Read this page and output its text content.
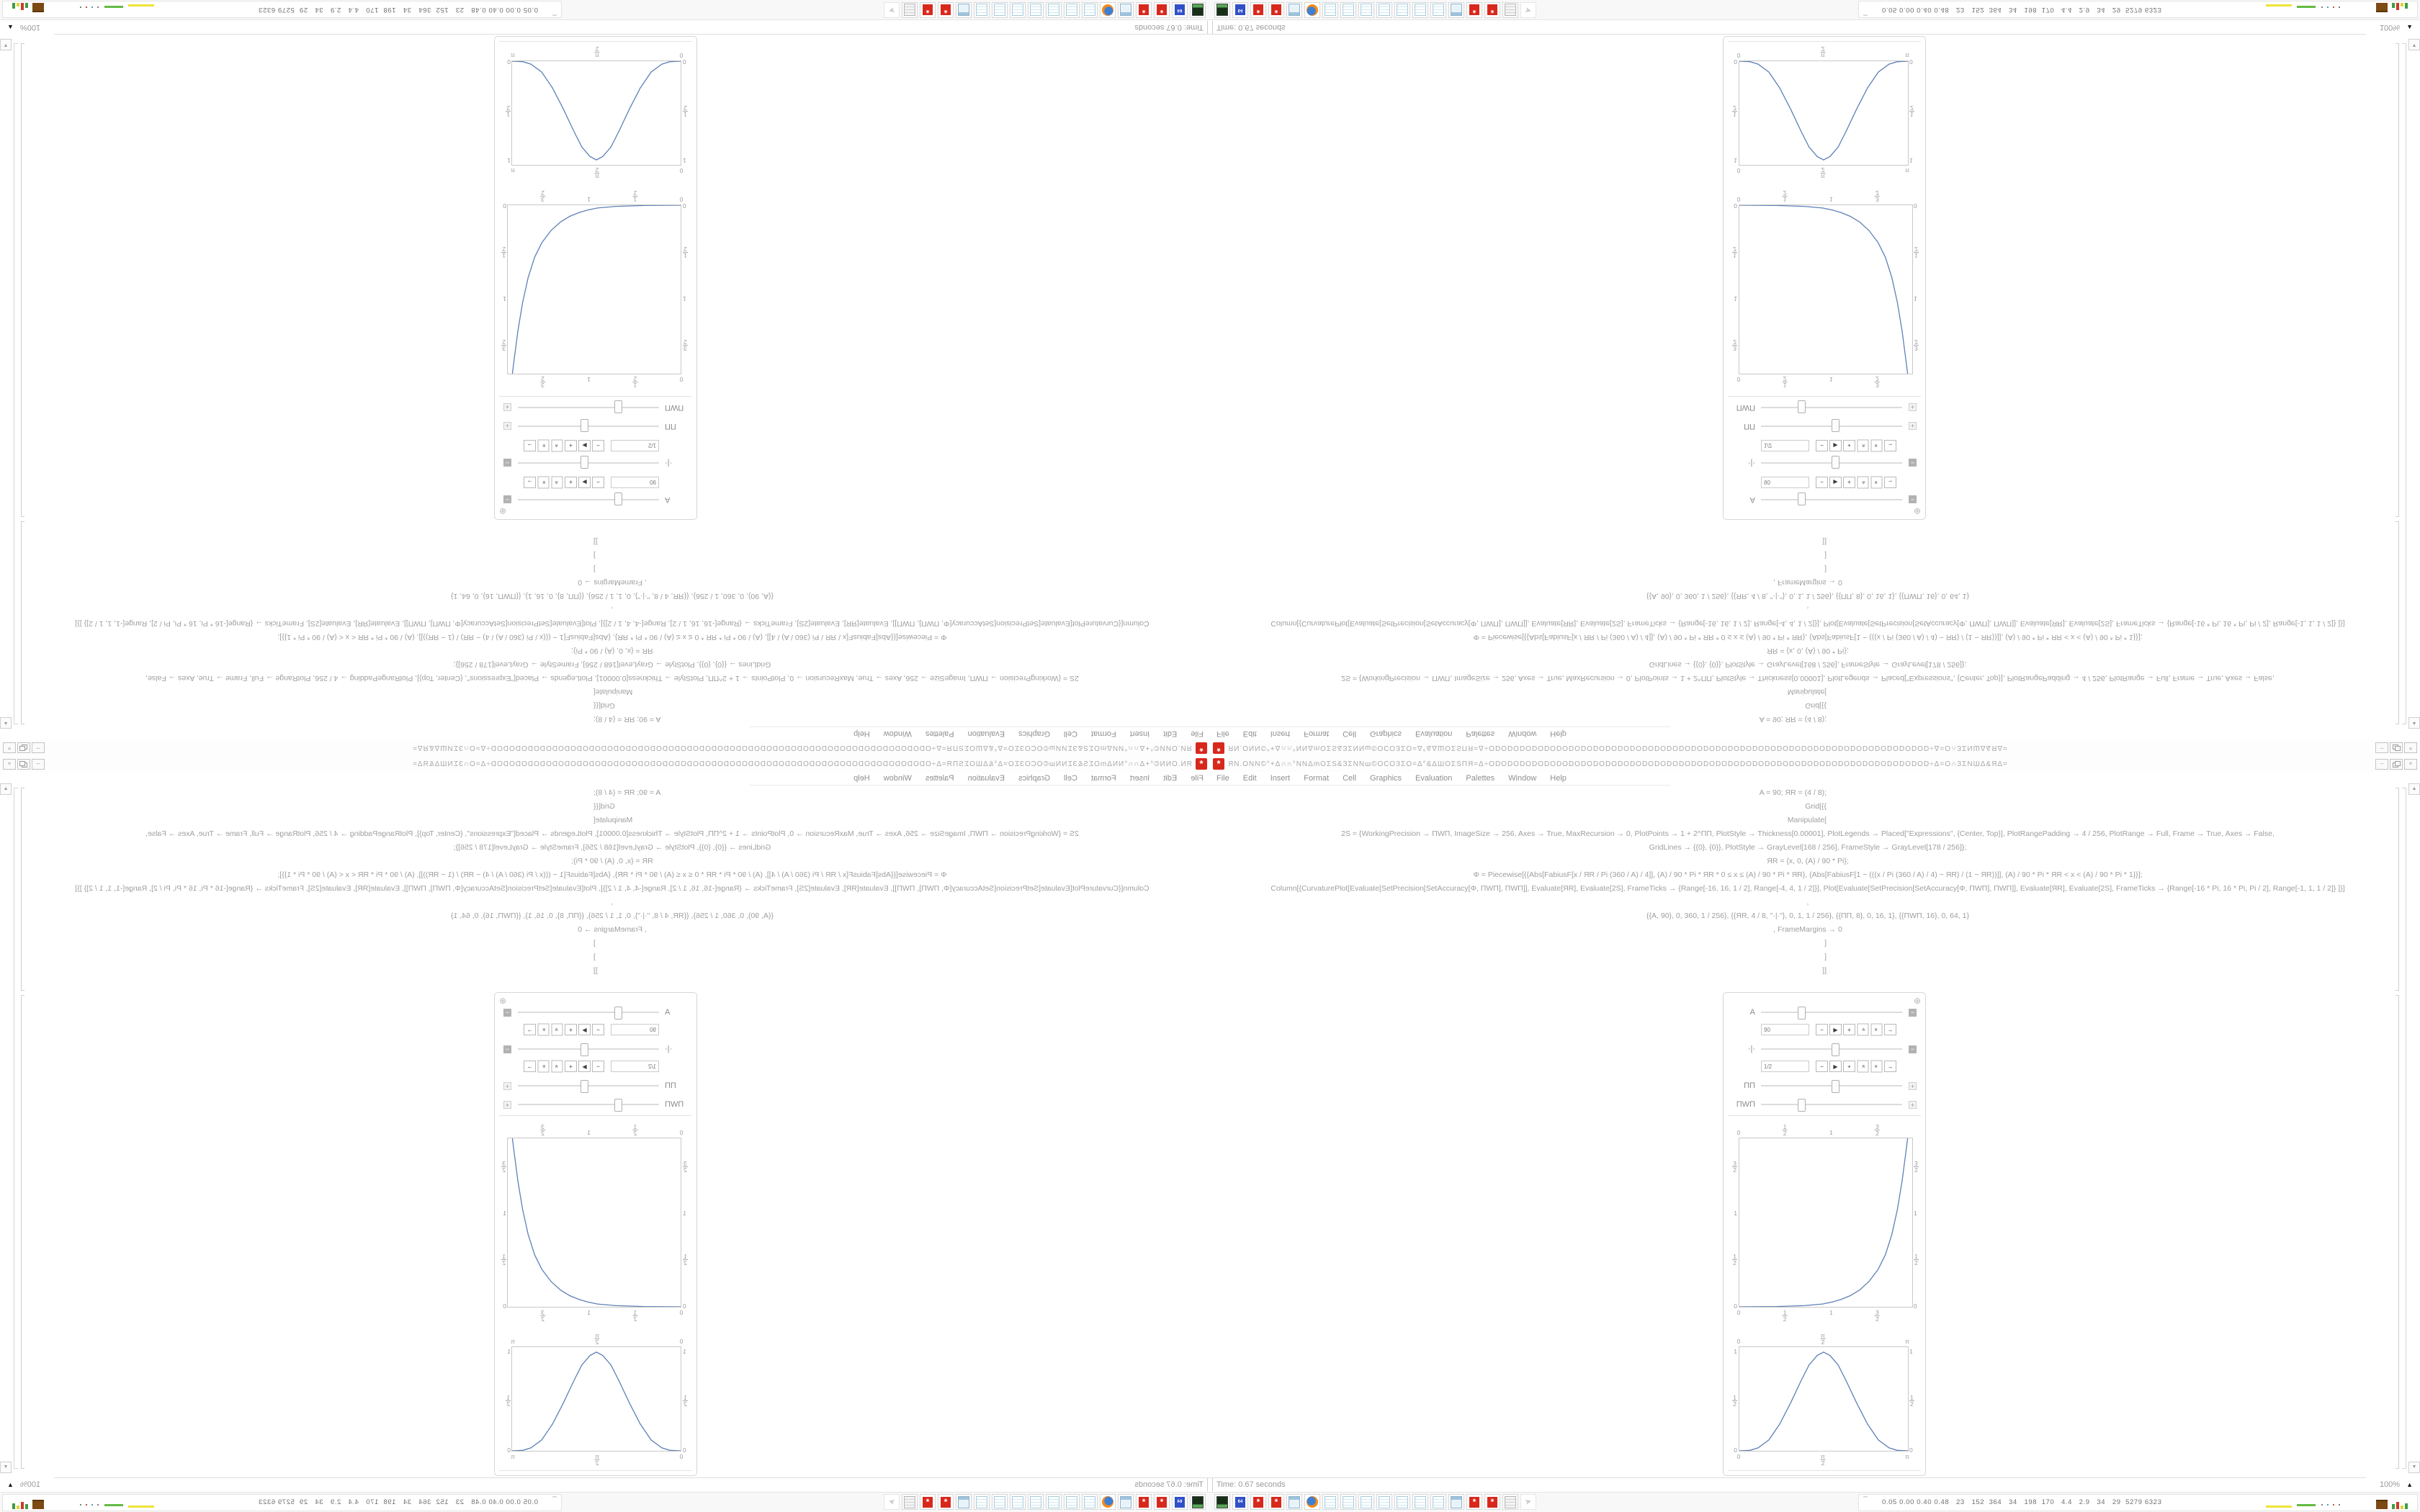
*
ЯN.ONN©°+Δ∩∩°NNΔmOΣS&ЗΣNNш©ОСОЗΣО=Δ°&ΔШОΣSΠЯ=Δ÷ODODODODODODODODODODODODODODODODODODODODODODODODODODODODODODODODODODODOD÷Δ=О∩ЗΣNШΔ&ЯΔ=
–
×
File
Edit
Insert
Format
Cell
Graphics
Evaluation
Palettes
Window
Help
A = 90; ЯR = (4 / 8);
Grid[{{
Manipulate[
2S = {WorkingPrecision → ΠWΠ, ImageSize → 256, Axes → True, MaxRecursion → 0, PlotPoints → 1 + 2^ΠΠ, PlotStyle → Thickness[0.00001], PlotLegends → Placed["Expressions", {Center, Top}], PlotRangePadding → 4 / 256, PlotRange → Full, Frame → True, Axes → False,
GridLines → {{0}, {0}}, PlotStyle → GrayLevel[168 / 256], FrameStyle → GrayLevel[178 / 256]};
ЯR = {x, 0, (A) / 90 * Pi};
Φ = Piecewise[{{Abs[FabiusF[x / ЯR / Pi (360 / A) / 4]], (A) / 90 * Pi * ЯR * 0 ≤ x ≤ (A) / 90 * Pi * ЯR}, {Abs[FabiusF[1 − (((x / Pi (360 / A) / 4) − ЯR) / (1 − ЯR))]], (A) / 90 * Pi * ЯR < x < (A) / 90 * Pi * 1}}];
Column[{CurvaturePlot[Evaluate[SetPrecision[SetAccuracy[Φ, ΠWΠ], ΠWΠ]], Evaluate[ЯR], Evaluate[2S], FrameTicks → {Range[-16, 16, 1 / 2], Range[-4, 4, 1 / 2]}], Plot[Evaluate[SetPrecision[SetAccuracy[Φ, ΠWΠ], ΠWΠ]], Evaluate[ЯR], Evaluate[2S], FrameTicks → {Range[-16 * Pi, 16 * Pi, Pi / 2], Range[-1, 1, 1 / 2]} ]}]
,
{{A, 90}, 0, 360, 1 / 256}, {{ЯR, 4 / 8, "·|·"}, 0, 1, 1 / 256}, {{ΠΠ, 8}, 0, 16, 1}, {{ΠWΠ, 16}, 0, 64, 1}
, FrameMargins → 0
]
]
]]
▲
▼
⊕
A
−
90
−
▶
+
»
»
→
·|·
−
1/2
−
▶
+
»
»
→
ΠΠ
+
ΠWΠ
+
0
1
2
1
3
2
0
1
2
1
3
2
0
1
2
1
3
2
0
1
2
1
3
2
0
π
2
π
0
π
2
π
0
1
2
1
0
1
2
1
Time: 0.67 seconds
100%
▲
64
*
*
*
*
➤
ˆˆ
0.05 0.00 0.40 0.48   23   152  364   34   198  170   4.4   2.9   34   29  5279 6323
*	ЯN.ONN©°+Δ∩∩°NNΔmOΣS&ЗΣNNш©ОСОЗΣО=Δ°&ΔШОΣSΠЯ=Δ÷ODODODODODODODODODODODODODODODODODODODODODODODODODODODODODODODODODODODOD÷Δ=О∩ЗΣNШΔ&ЯΔ=	–	×
File Edit Insert Format Cell Graphics Evaluation Palettes Window Help
A = 90; ЯR = (4 / 8);
Grid[{{
Manipulate[
2S = {WorkingPrecision → ΠWΠ, ImageSize → 256, Axes → True, MaxRecursion → 0, PlotPoints → 1 + 2^ΠΠ, PlotStyle → Thickness[0.00001], PlotLegends → Placed["Expressions", {Center, Top}], PlotRangePadding → 4 / 256, PlotRange → Full, Frame → True, Axes → False,
GridLines → {{0}, {0}}, PlotStyle → GrayLevel[168 / 256], FrameStyle → GrayLevel[178 / 256]};
ЯR = {x, 0, (A) / 90 * Pi};
Φ = Piecewise[{{Abs[FabiusF[x / ЯR / Pi (360 / A) / 4]], (A) / 90 * Pi * ЯR * 0 ≤ x ≤ (A) / 90 * Pi * ЯR}, {Abs[FabiusF[1 − (((x / Pi (360 / A) / 4) − ЯR) / (1 − ЯR))]], (A) / 90 * Pi * ЯR < x < (A) / 90 * Pi * 1}}];
Column[{CurvaturePlot[Evaluate[SetPrecision[SetAccuracy[Φ, ΠWΠ], ΠWΠ]], Evaluate[ЯR], Evaluate[2S], FrameTicks → {Range[-16, 16, 1 / 2], Range[-4, 4, 1 / 2]}], Plot[Evaluate[SetPrecision[SetAccuracy[Φ, ΠWΠ], ΠWΠ]], Evaluate[ЯR], Evaluate[2S], FrameTicks → {Range[-16 * Pi, 16 * Pi, Pi / 2], Range[-1, 1, 1 / 2]} ]}]
,
{{A, 90}, 0, 360, 1 / 256}, {{ЯR, 4 / 8, "·|·"}, 0, 1, 1 / 256}, {{ΠΠ, 8}, 0, 16, 1}, {{ΠWΠ, 16}, 0, 64, 1}
, FrameMargins → 0
]
]
]]
▲
▼
⊕
A	−
90	−	▶	+	»	»	→
·|·	−
1/2	−	▶	+	»	»	→
ΠΠ	+
ΠWΠ	+
0
1
2	1
3
2
0	1
2
1	3
2
0
1
2
1
3
2
0
1
2
1
3
2
0
π
2	π
0	π
2
π
0
1
2
1
0
1
2
1
Time: 0.67 seconds	100% ▲
64	*	*	*	*	➤	ˆˆ 0.05 0.00 0.40 0.48   23   152  364   34   198  170   4.4   2.9   34   29  5279 6323
*
ЯN.ONN©°+Δ∩∩°NNΔmOΣS&ЗΣNNш©ОСОЗΣО=Δ°&ΔШОΣSΠЯ=Δ÷ODODODODODODODODODODODODODODODODODODODODODODODODODODODODODODODODODODODOD÷Δ=О∩ЗΣNШΔ&ЯΔ=
–
×
File
Edit
Insert
Format
Cell
Graphics
Evaluation
Palettes
Window
Help
A = 90; ЯR = (4 / 8);
Grid[{{
Manipulate[
2S = {WorkingPrecision → ΠWΠ, ImageSize → 256, Axes → True, MaxRecursion → 0, PlotPoints → 1 + 2^ΠΠ, PlotStyle → Thickness[0.00001], PlotLegends → Placed["Expressions", {Center, Top}], PlotRangePadding → 4 / 256, PlotRange → Full, Frame → True, Axes → False,
GridLines → {{0}, {0}}, PlotStyle → GrayLevel[168 / 256], FrameStyle → GrayLevel[178 / 256]};
ЯR = {x, 0, (A) / 90 * Pi};
Φ = Piecewise[{{Abs[FabiusF[x / ЯR / Pi (360 / A) / 4]], (A) / 90 * Pi * ЯR * 0 ≤ x ≤ (A) / 90 * Pi * ЯR}, {Abs[FabiusF[1 − (((x / Pi (360 / A) / 4) − ЯR) / (1 − ЯR))]], (A) / 90 * Pi * ЯR < x < (A) / 90 * Pi * 1}}];
Column[{CurvaturePlot[Evaluate[SetPrecision[SetAccuracy[Φ, ΠWΠ], ΠWΠ]], Evaluate[ЯR], Evaluate[2S], FrameTicks → {Range[-16, 16, 1 / 2], Range[-4, 4, 1 / 2]}], Plot[Evaluate[SetPrecision[SetAccuracy[Φ, ΠWΠ], ΠWΠ]], Evaluate[ЯR], Evaluate[2S], FrameTicks → {Range[-16 * Pi, 16 * Pi, Pi / 2], Range[-1, 1, 1 / 2]} ]}]
,
{{A, 90}, 0, 360, 1 / 256}, {{ЯR, 4 / 8, "·|·"}, 0, 1, 1 / 256}, {{ΠΠ, 8}, 0, 16, 1}, {{ΠWΠ, 16}, 0, 64, 1}
, FrameMargins → 0
]
]
]]
▲
▼
⊕
A
−
90
−
▶
+
»
»
→
·|·
−
1/2
−
▶
+
»
»
→
ΠΠ
+
ΠWΠ
+
0
$\frac{1}{2}$
1
$\frac{3}{2}$
0
$\frac{1}{2}$
1
$\frac{3}{2}$
0
$\frac{1}{2}$
1
$\frac{3}{2}$
0
$\frac{1}{2}$
1
$\frac{3}{2}$
0
$\frac{\pi}{2}$
π
0
$\frac{\pi}{2}$
π
0
$\frac{1}{2}$
1
0
$\frac{1}{2}$
1
Time: 0.67 seconds
100%
▲
64
*
*
*
*
➤
ˆˆ
0.05 0.00 0.40 0.48   23   152  364   34   198  170   4.4   2.9   34   29  5279 6323
*	ЯN.ONN©°+Δ∩∩°NNΔmOΣS&ЗΣNNш©ОСОЗΣО=Δ°&ΔШОΣSΠЯ=Δ÷ODODODODODODODODODODODODODODODODODODODODODODODODODODODODODODODODODODODOD÷Δ=О∩ЗΣNШΔ&ЯΔ=	–	×
File Edit Insert Format Cell Graphics Evaluation Palettes Window Help
A = 90; ЯR = (4 / 8);
Grid[{{
Manipulate[
2S = {WorkingPrecision → ΠWΠ, ImageSize → 256, Axes → True, MaxRecursion → 0, PlotPoints → 1 + 2^ΠΠ, PlotStyle → Thickness[0.00001], PlotLegends → Placed["Expressions", {Center, Top}], PlotRangePadding → 4 / 256, PlotRange → Full, Frame → True, Axes → False,
GridLines → {{0}, {0}}, PlotStyle → GrayLevel[168 / 256], FrameStyle → GrayLevel[178 / 256]};
ЯR = {x, 0, (A) / 90 * Pi};
Φ = Piecewise[{{Abs[FabiusF[x / ЯR / Pi (360 / A) / 4]], (A) / 90 * Pi * ЯR * 0 ≤ x ≤ (A) / 90 * Pi * ЯR}, {Abs[FabiusF[1 − (((x / Pi (360 / A) / 4) − ЯR) / (1 − ЯR))]], (A) / 90 * Pi * ЯR < x < (A) / 90 * Pi * 1}}];
Column[{CurvaturePlot[Evaluate[SetPrecision[SetAccuracy[Φ, ΠWΠ], ΠWΠ]], Evaluate[ЯR], Evaluate[2S], FrameTicks → {Range[-16, 16, 1 / 2], Range[-4, 4, 1 / 2]}], Plot[Evaluate[SetPrecision[SetAccuracy[Φ, ΠWΠ], ΠWΠ]], Evaluate[ЯR], Evaluate[2S], FrameTicks → {Range[-16 * Pi, 16 * Pi, Pi / 2], Range[-1, 1, 1 / 2]} ]}]
,
{{A, 90}, 0, 360, 1 / 256}, {{ЯR, 4 / 8, "·|·"}, 0, 1, 1 / 256}, {{ΠΠ, 8}, 0, 16, 1}, {{ΠWΠ, 16}, 0, 64, 1}
, FrameMargins → 0
]
]
]]
▲
▼
⊕
A	−
90	−	▶	+	»	»	→
·|·	−
1/2	−	▶	+	»	»	→
ΠΠ	+
ΠWΠ	+
0	$\frac{1}{2}$	1	$\frac{3}{2}$
0	$\frac{1}{2}$	1	$\frac{3}{2}$
0
$\frac{1}{2}$
1
$\frac{3}{2}$
0
$\frac{1}{2}$
1
$\frac{3}{2}$
0	$\frac{\pi}{2}$	π
0	$\frac{\pi}{2}$	π
0
$\frac{1}{2}$
1
0
$\frac{1}{2}$
1
Time: 0.67 seconds	100% ▲
64	*	*	*	*	➤	ˆˆ 0.05 0.00 0.40 0.48   23   152  364   34   198  170   4.4   2.9   34   29  5279 6323
